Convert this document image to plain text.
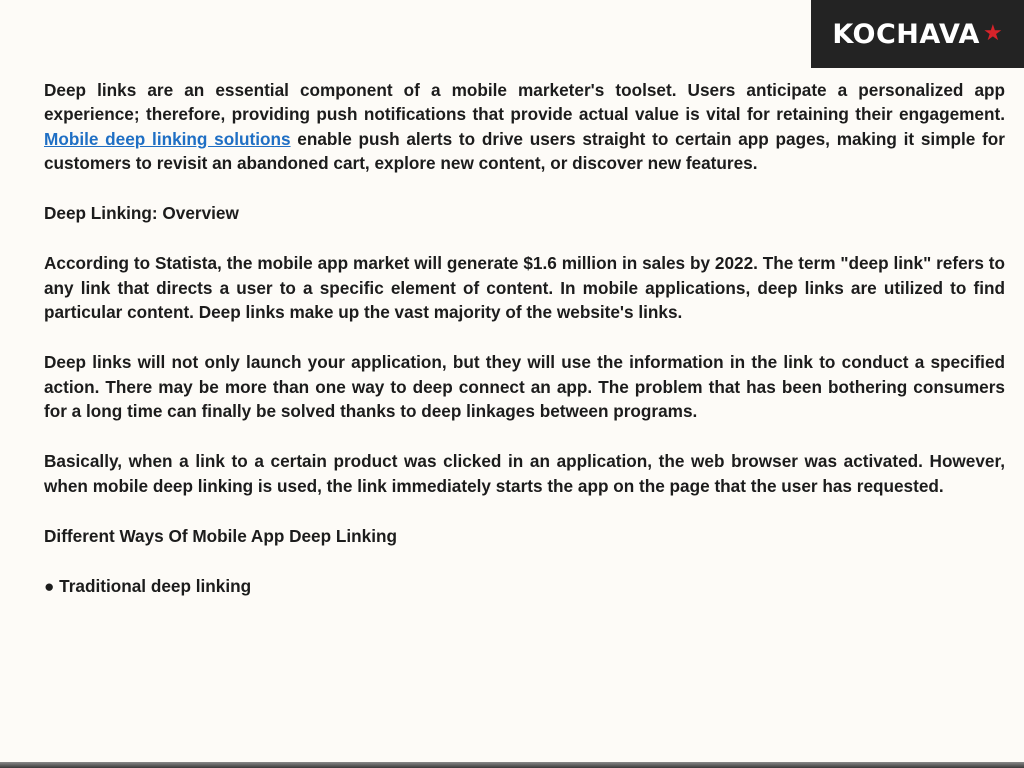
KOCHAVA ★

Deep links are an essential component of a mobile marketer's toolset. Users anticipate a personalized app experience; therefore, providing push notifications that provide actual value is vital for retaining their engagement. Mobile deep linking solutions enable push alerts to drive users straight to certain app pages, making it simple for customers to revisit an abandoned cart, explore new content, or discover new features.

Deep Linking: Overview

According to Statista, the mobile app market will generate $1.6 million in sales by 2022. The term "deep link" refers to any link that directs a user to a specific element of content. In mobile applications, deep links are utilized to find particular content. Deep links make up the vast majority of the website's links.

Deep links will not only launch your application, but they will use the information in the link to conduct a specified action. There may be more than one way to deep connect an app. The problem that has been bothering consumers for a long time can finally be solved thanks to deep linkages between programs.

Basically, when a link to a certain product was clicked in an application, the web browser was activated. However, when mobile deep linking is used, the link immediately starts the app on the page that the user has requested.

Different Ways Of Mobile App Deep Linking

● Traditional deep linking
